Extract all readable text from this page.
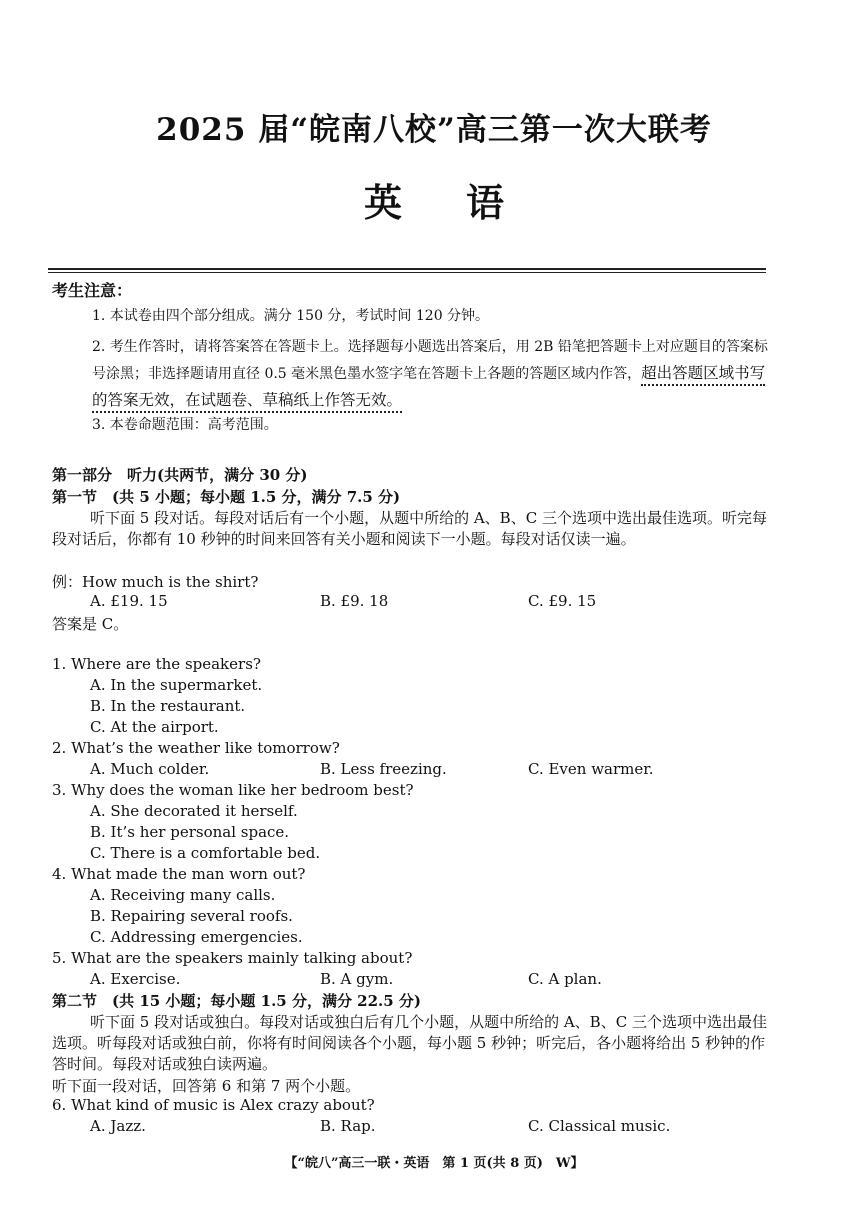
2025 届“皖南八校”高三第一次大联考
英语
考生注意：
1. 本试卷由四个部分组成。满分 150 分，考试时间 120 分钟。
2. 考生作答时，请将答案答在答题卡上。选择题每小题选出答案后，用 2B 铅笔把答题卡上对应题目的答案标号涂黑；非选择题请用直径 0.5 毫米黑色墨水签字笔在答题卡上各题的答题区域内作答，超出答题区域书写的答案无效，在试题卷、草稿纸上作答无效。
3. 本卷命题范围：高考范围。
第一部分　听力(共两节，满分 30 分)
第一节　(共 5 小题；每小题 1.5 分，满分 7.5 分)
听下面 5 段对话。每段对话后有一个小题，从题中所给的 A、B、C 三个选项中选出最佳选项。听完每段对话后，你都有 10 秒钟的时间来回答有关小题和阅读下一小题。每段对话仅读一遍。
例：How much is the shirt?
A. £19. 15	B. £9. 18	C. £9. 15
答案是 C。
1. Where are the speakers?
A. In the supermarket.
B. In the restaurant.
C. At the airport.
2. What’s the weather like tomorrow?
A. Much colder.	B. Less freezing.	C. Even warmer.
3. Why does the woman like her bedroom best?
A. She decorated it herself.
B. It’s her personal space.
C. There is a comfortable bed.
4. What made the man worn out?
A. Receiving many calls.
B. Repairing several roofs.
C. Addressing emergencies.
5. What are the speakers mainly talking about?
A. Exercise.	B. A gym.	C. A plan.
第二节　(共 15 小题；每小题 1.5 分，满分 22.5 分)
听下面 5 段对话或独白。每段对话或独白后有几个小题，从题中所给的 A、B、C 三个选项中选出最佳选项。听每段对话或独白前，你将有时间阅读各个小题，每小题 5 秒钟；听完后，各小题将给出 5 秒钟的作答时间。每段对话或独白读两遍。
听下面一段对话，回答第 6 和第 7 两个小题。
6. What kind of music is Alex crazy about?
A. Jazz.	B. Rap.	C. Classical music.
【“皖八”高三一联・英语　第 1 页(共 8 页)　W】
